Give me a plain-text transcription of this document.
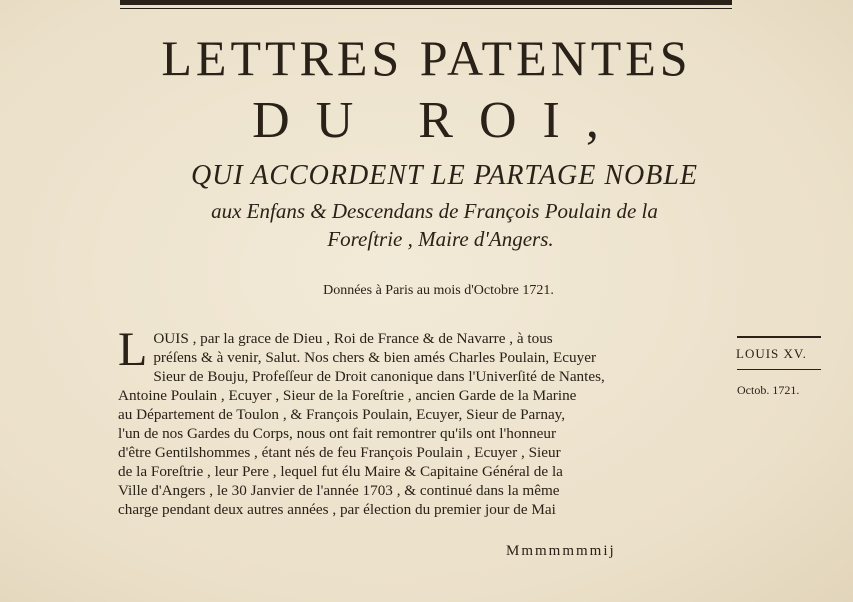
LETTRES PATENTES
DU ROI,
QUI ACCORDENT LE PARTAGE NOBLE
aux Enfans & Descendans de François Poulain de la
Foreſtrie , Maire d'Angers.
Données à Paris au mois d'Octobre 1721.
L OUIS , par la grace de Dieu , Roi de France & de Navarre , à tous
préſens & à venir, Salut. Nos chers & bien amés Charles Poulain, Ecuyer
Sieur de Bouju, Profeſſeur de Droit canonique dans l'Univerſité de Nantes,
Antoine Poulain , Ecuyer , Sieur de la Foreſtrie , ancien Garde de la Marine
au Département de Toulon , & François Poulain, Ecuyer, Sieur de Parnay,
l'un de nos Gardes du Corps, nous ont fait remontrer qu'ils ont l'honneur
d'être Gentilshommes , étant nés de feu François Poulain , Ecuyer , Sieur
de la Foreſtrie , leur Pere , lequel fut élu Maire & Capitaine Général de la
Ville d'Angers , le 30 Janvier de l'année 1703 , & continué dans la même
charge pendant deux autres années , par élection du premier jour de Mai
Mmmmmmmij
LOUIS XV.
Octob. 1721.
